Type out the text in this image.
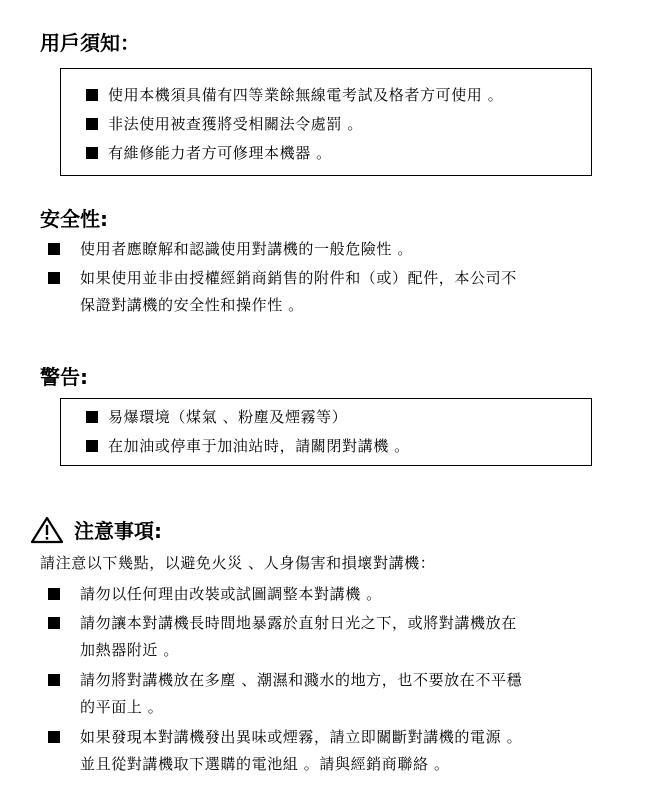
用戶須知：
使用本機須具備有四等業餘無線電考試及格者方可使用 。
非法使用被查獲將受相關法令處罰 。
有維修能力者方可修理本機器 。
安全性:
使用者應瞭解和認識使用對講機的一般危險性 。
如果使用並非由授權經銷商銷售的附件和（或）配件，本公司不
保證對講機的安全性和操作性 。
警告:
易爆環境（煤氣 、粉塵及煙霧等）
在加油或停車于加油站時，請關閉對講機 。
注意事項:
請注意以下幾點，以避免火災 、人身傷害和損壞對講機：
請勿以任何理由改裝或試圖調整本對講機 。
請勿讓本對講機長時間地暴露於直射日光之下，或將對講機放在
加熱器附近 。
請勿將對講機放在多塵 、潮濕和濺水的地方，也不要放在不平穩
的平面上 。
如果發現本對講機發出異味或煙霧，請立即關斷對講機的電源 。
並且從對講機取下選購的電池組 。請與經銷商聯絡 。
